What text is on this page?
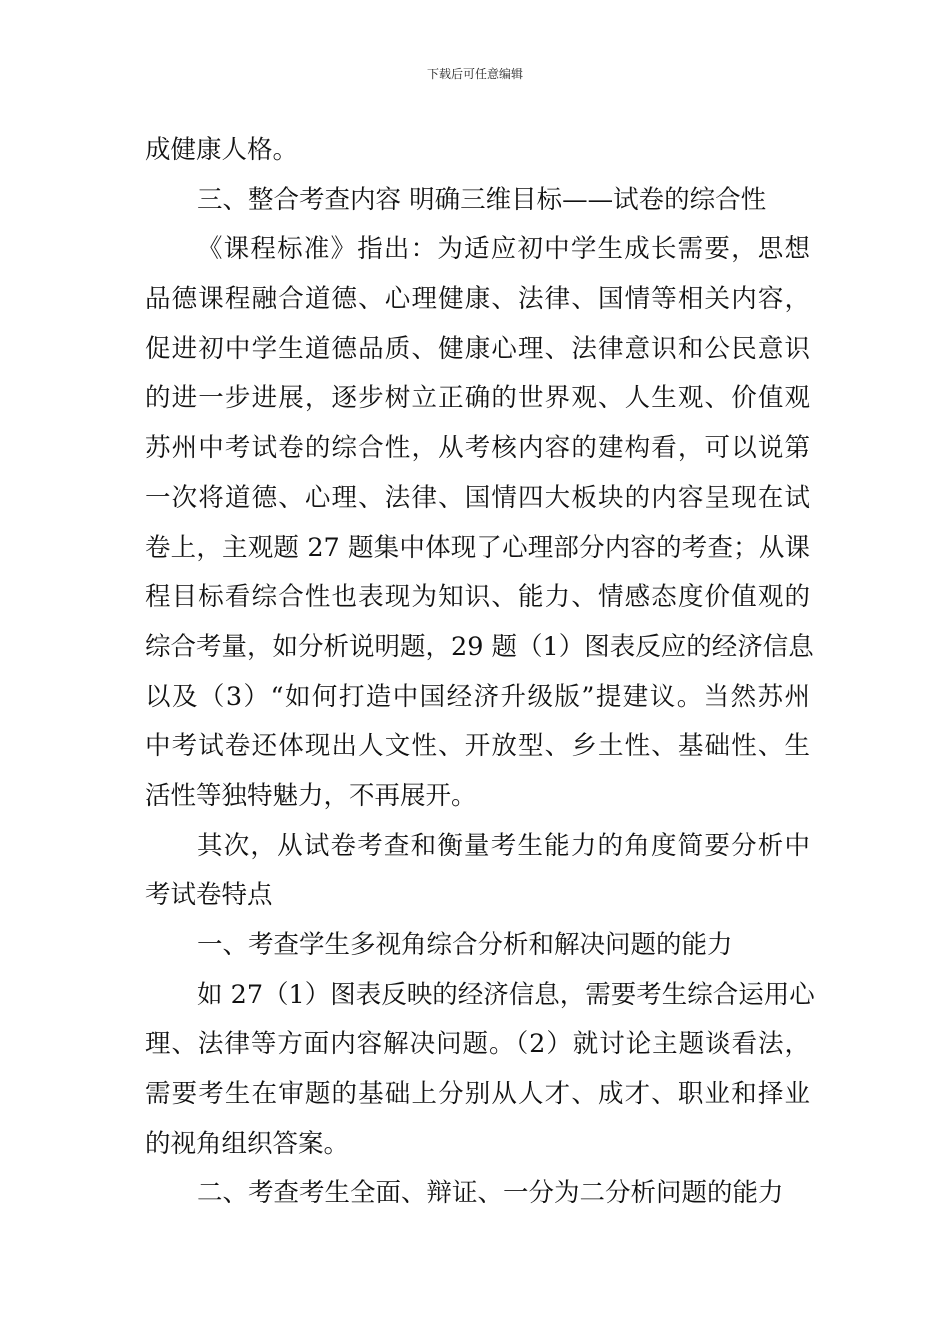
下载后可任意编辑
成健康人格。
三、整合考查内容 明确三维目标——试卷的综合性
《课程标准》指出：为适应初中学生成长需要，思想
品德课程融合道德、心理健康、法律、国情等相关内容，
促进初中学生道德品质、健康心理、法律意识和公民意识
的进一步进展，逐步树立正确的世界观、人生观、价值观
苏州中考试卷的综合性，从考核内容的建构看，可以说第
一次将道德、心理、法律、国情四大板块的内容呈现在试
卷上，主观题 27 题集中体现了心理部分内容的考查；从课
程目标看综合性也表现为知识、能力、情感态度价值观的
综合考量，如分析说明题，29 题（1）图表反应的经济信息
以及（3）“如何打造中国经济升级版”提建议。当然苏州
中考试卷还体现出人文性、开放型、乡土性、基础性、生
活性等独特魅力，不再展开。
其次，从试卷考查和衡量考生能力的角度简要分析中
考试卷特点
一、考查学生多视角综合分析和解决问题的能力
如 27（1）图表反映的经济信息，需要考生综合运用心
理、法律等方面内容解决问题。（2）就讨论主题谈看法，
需要考生在审题的基础上分别从人才、成才、职业和择业
的视角组织答案。
二、考查考生全面、辩证、一分为二分析问题的能力
